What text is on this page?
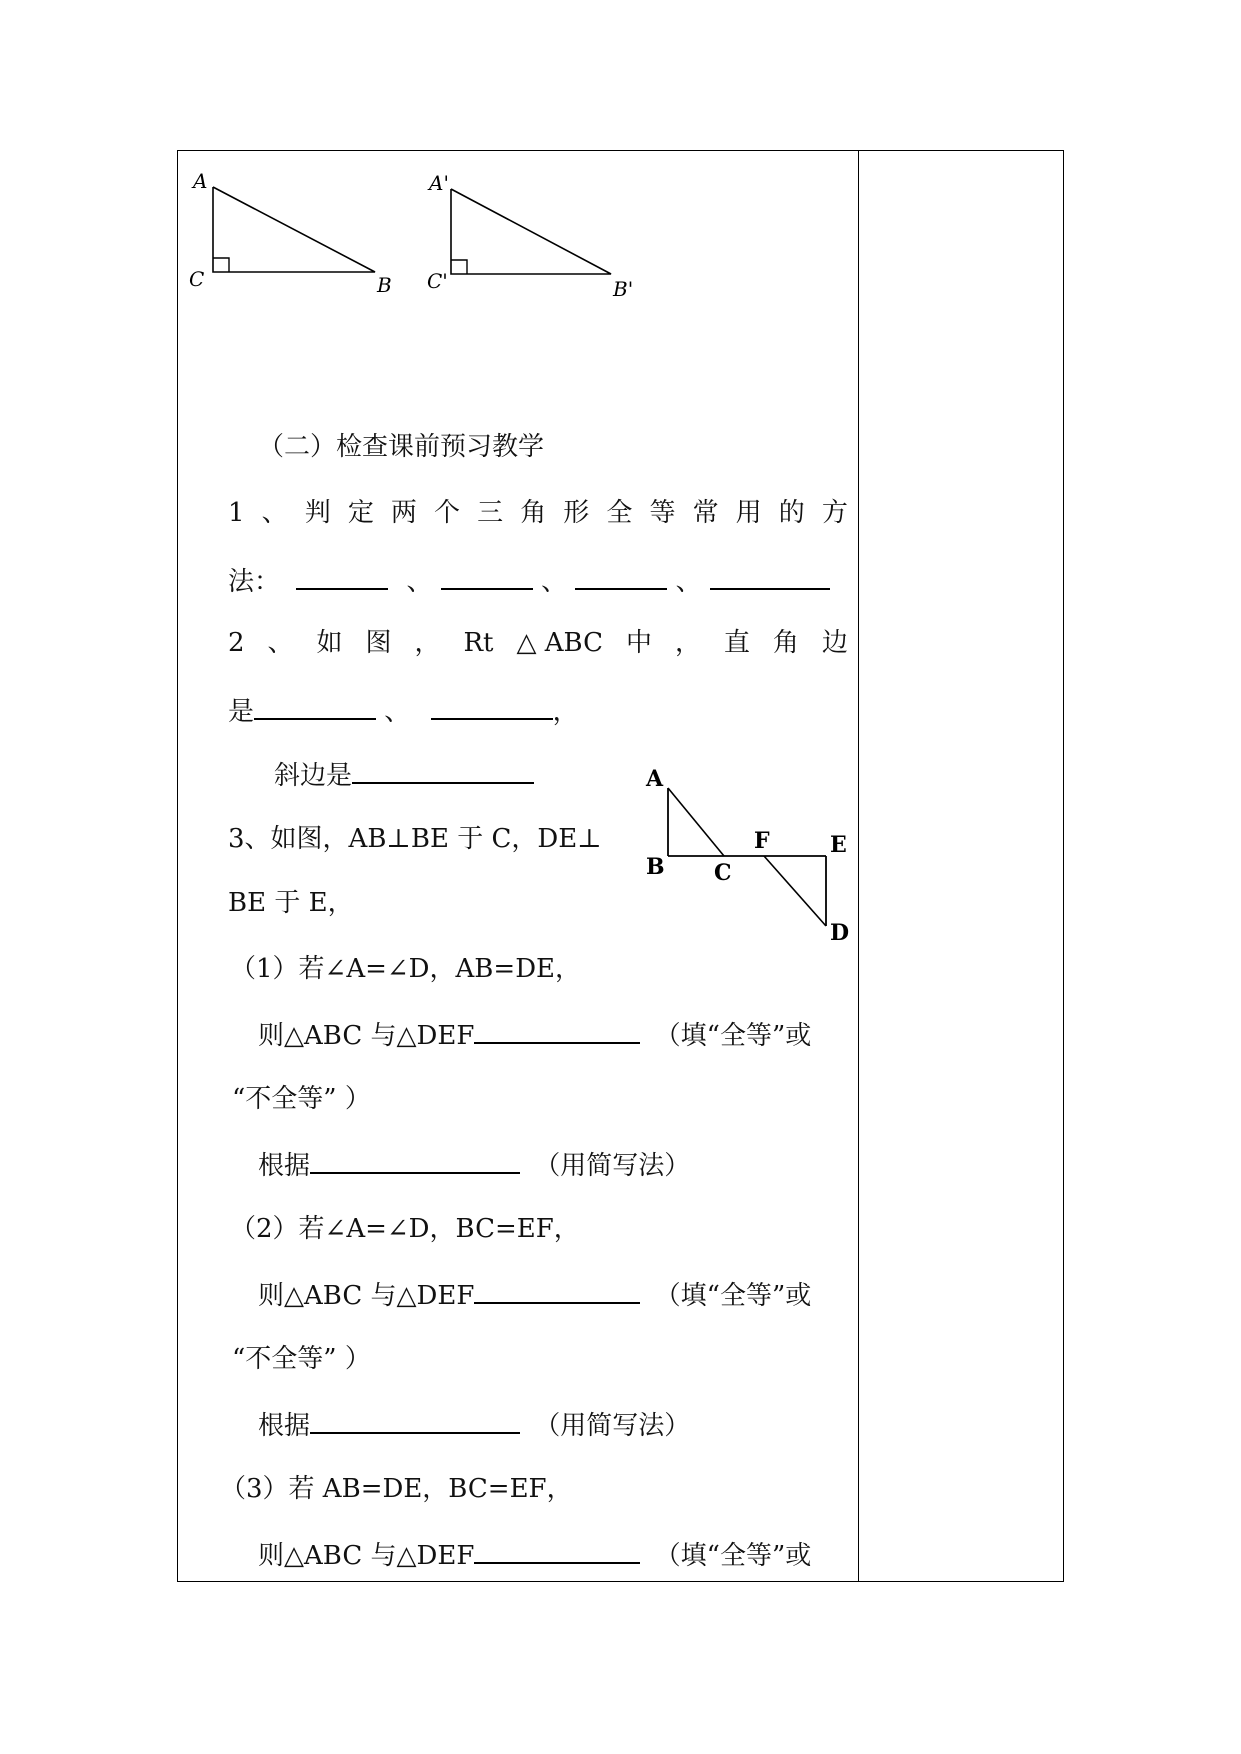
A
C	B
A'
C'	B'
（二）检查课前预习教学
1 、 判 定 两 个 三 角 形 全 等 常 用 的 方
法：	、	、	、
2 、 如 图 ， Rt △ ABC 中 ， 直 角 边
是	、	，
斜边是
3、如图，AB⊥BE 于 C，DE⊥
BE 于 E，
（1）若∠A=∠D，AB=DE，
则△ABC 与△DEF	（填“全等”或
“不全等” ）
根据	（用简写法）
（2）若∠A=∠D，BC=EF，
则△ABC 与△DEF	（填“全等”或
“不全等” ）
根据	（用简写法）
（3）若 AB=DE，BC=EF，
则△ABC 与△DEF	（填“全等”或
A
B C
F	E
D
